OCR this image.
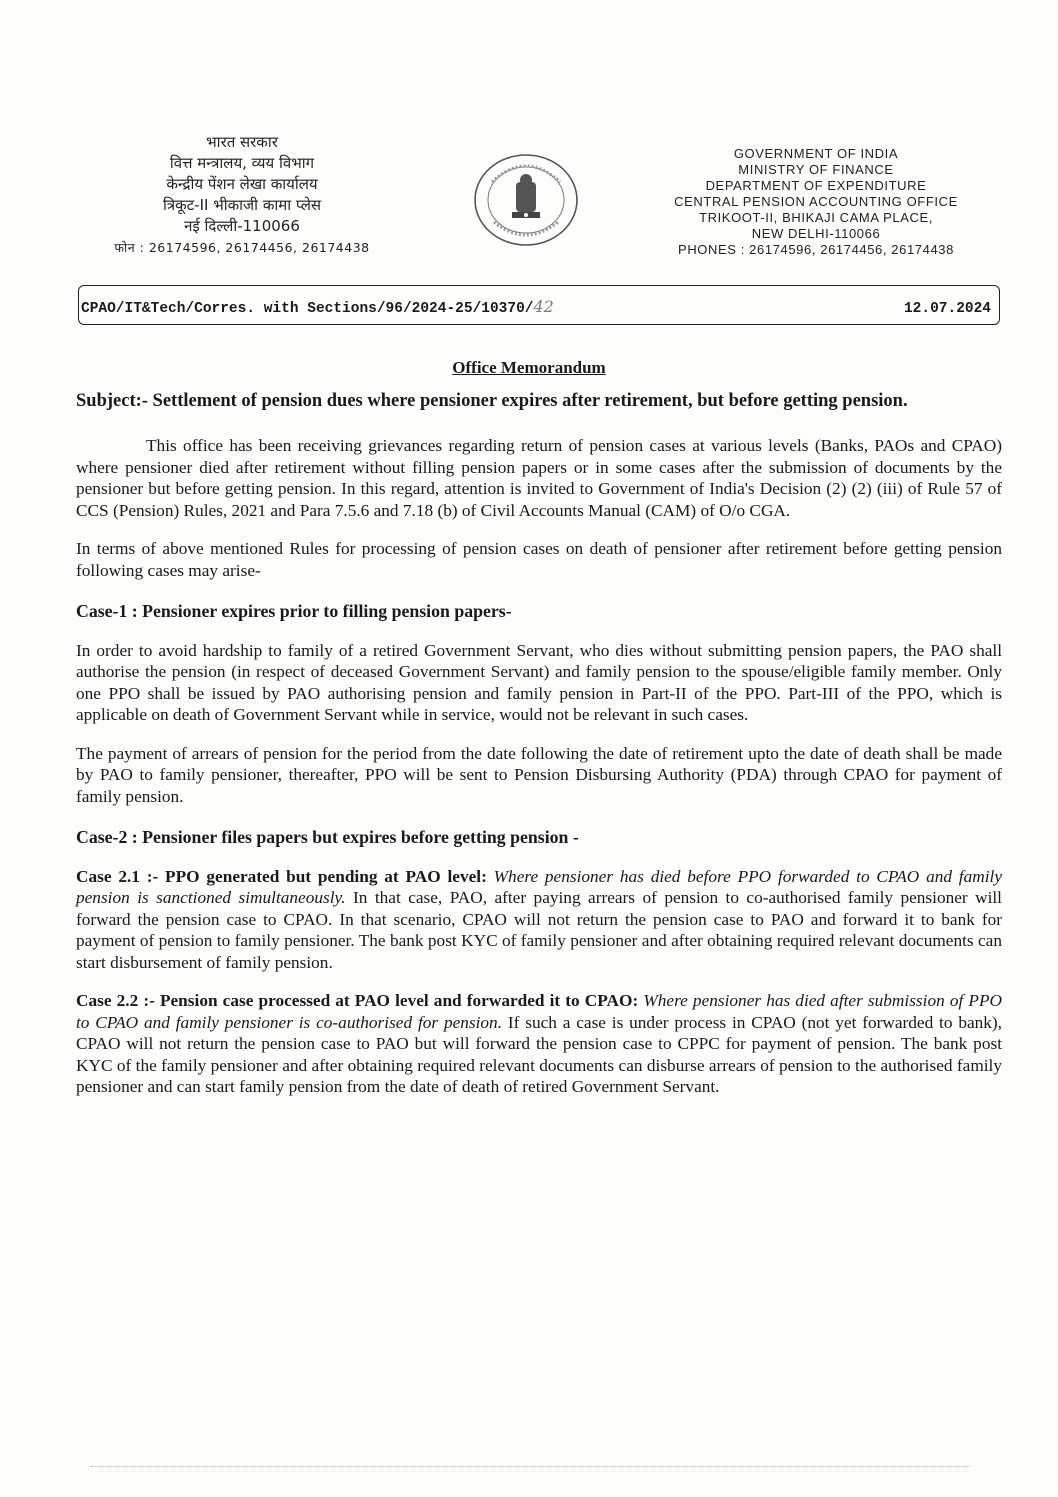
भारत सरकार
वित्त मन्त्रालय, व्यय विभाग
केन्द्रीय पेंशन लेखा कार्यालय
त्रिकूट-II भीकाजी कामा प्लेस
नई दिल्ली-110066
फोन : 26174596, 26174456, 26174438
GOVERNMENT OF INDIA
MINISTRY OF FINANCE
DEPARTMENT OF EXPENDITURE
CENTRAL PENSION ACCOUNTING OFFICE
TRIKOOT-II, BHIKAJI CAMA PLACE,
NEW DELHI-110066
PHONES : 26174596, 26174456, 26174438
CPAO/IT&Tech/Corres. with Sections/96/2024-25/10370/42	12.07.2024
Office Memorandum

Subject:- Settlement of pension dues where pensioner expires after retirement, but before getting pension.

This office has been receiving grievances regarding return of pension cases at various levels (Banks, PAOs and CPAO) where pensioner died after retirement without filling pension papers or in some cases after the submission of documents by the pensioner but before getting pension. In this regard, attention is invited to Government of India's Decision (2) (2) (iii) of Rule 57 of CCS (Pension) Rules, 2021 and Para 7.5.6 and 7.18 (b) of Civil Accounts Manual (CAM) of O/o CGA.

In terms of above mentioned Rules for processing of pension cases on death of pensioner after retirement before getting pension following cases may arise-

Case-1 : Pensioner expires prior to filling pension papers-

In order to avoid hardship to family of a retired Government Servant, who dies without submitting pension papers, the PAO shall authorise the pension (in respect of deceased Government Servant) and family pension to the spouse/eligible family member. Only one PPO shall be issued by PAO authorising pension and family pension in Part-II of the PPO. Part-III of the PPO, which is applicable on death of Government Servant while in service, would not be relevant in such cases.

The payment of arrears of pension for the period from the date following the date of retirement upto the date of death shall be made by PAO to family pensioner, thereafter, PPO will be sent to Pension Disbursing Authority (PDA) through CPAO for payment of family pension.

Case-2 : Pensioner files papers but expires before getting pension -

Case 2.1 :- PPO generated but pending at PAO level: Where pensioner has died before PPO forwarded to CPAO and family pension is sanctioned simultaneously. In that case, PAO, after paying arrears of pension to co-authorised family pensioner will forward the pension case to CPAO. In that scenario, CPAO will not return the pension case to PAO and forward it to bank for payment of pension to family pensioner. The bank post KYC of family pensioner and after obtaining required relevant documents can start disbursement of family pension.

Case 2.2 :- Pension case processed at PAO level and forwarded it to CPAO: Where pensioner has died after submission of PPO to CPAO and family pensioner is co-authorised for pension. If such a case is under process in CPAO (not yet forwarded to bank), CPAO will not return the pension case to PAO but will forward the pension case to CPPC for payment of pension. The bank post KYC of the family pensioner and after obtaining required relevant documents can disburse arrears of pension to the authorised family pensioner and can start family pension from the date of death of retired Government Servant.
